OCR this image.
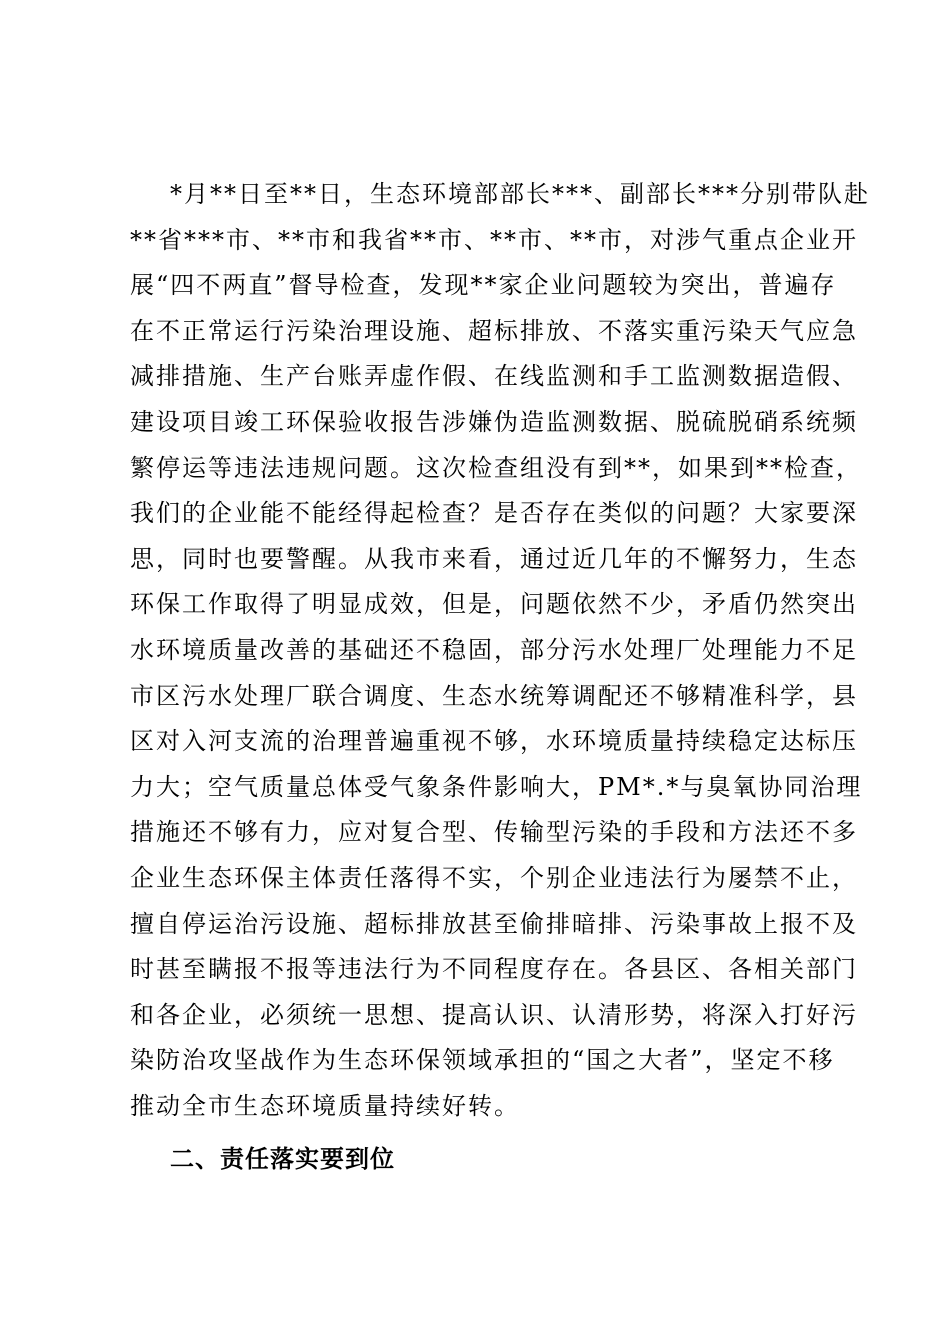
*月**日至**日，生态环境部部长***、副部长***分别带队赴
**省***市、**市和我省**市、**市、**市，对涉气重点企业开
展“四不两直”督导检查，发现**家企业问题较为突出，普遍存
在不正常运行污染治理设施、超标排放、不落实重污染天气应急
减排措施、生产台账弄虚作假、在线监测和手工监测数据造假、
建设项目竣工环保验收报告涉嫌伪造监测数据、脱硫脱硝系统频
繁停运等违法违规问题。这次检查组没有到**，如果到**检查，
我们的企业能不能经得起检查？是否存在类似的问题？大家要深
思，同时也要警醒。从我市来看，通过近几年的不懈努力，生态
环保工作取得了明显成效，但是，问题依然不少，矛盾仍然突出
水环境质量改善的基础还不稳固，部分污水处理厂处理能力不足
市区污水处理厂联合调度、生态水统筹调配还不够精准科学，县
区对入河支流的治理普遍重视不够，水环境质量持续稳定达标压
力大；空气质量总体受气象条件影响大，PM*.*与臭氧协同治理
措施还不够有力，应对复合型、传输型污染的手段和方法还不多
企业生态环保主体责任落得不实，个别企业违法行为屡禁不止，
擅自停运治污设施、超标排放甚至偷排暗排、污染事故上报不及
时甚至瞒报不报等违法行为不同程度存在。各县区、各相关部门
和各企业，必须统一思想、提高认识、认清形势，将深入打好污
染防治攻坚战作为生态环保领域承担的“国之大者”，坚定不移
推动全市生态环境质量持续好转。
二、责任落实要到位
